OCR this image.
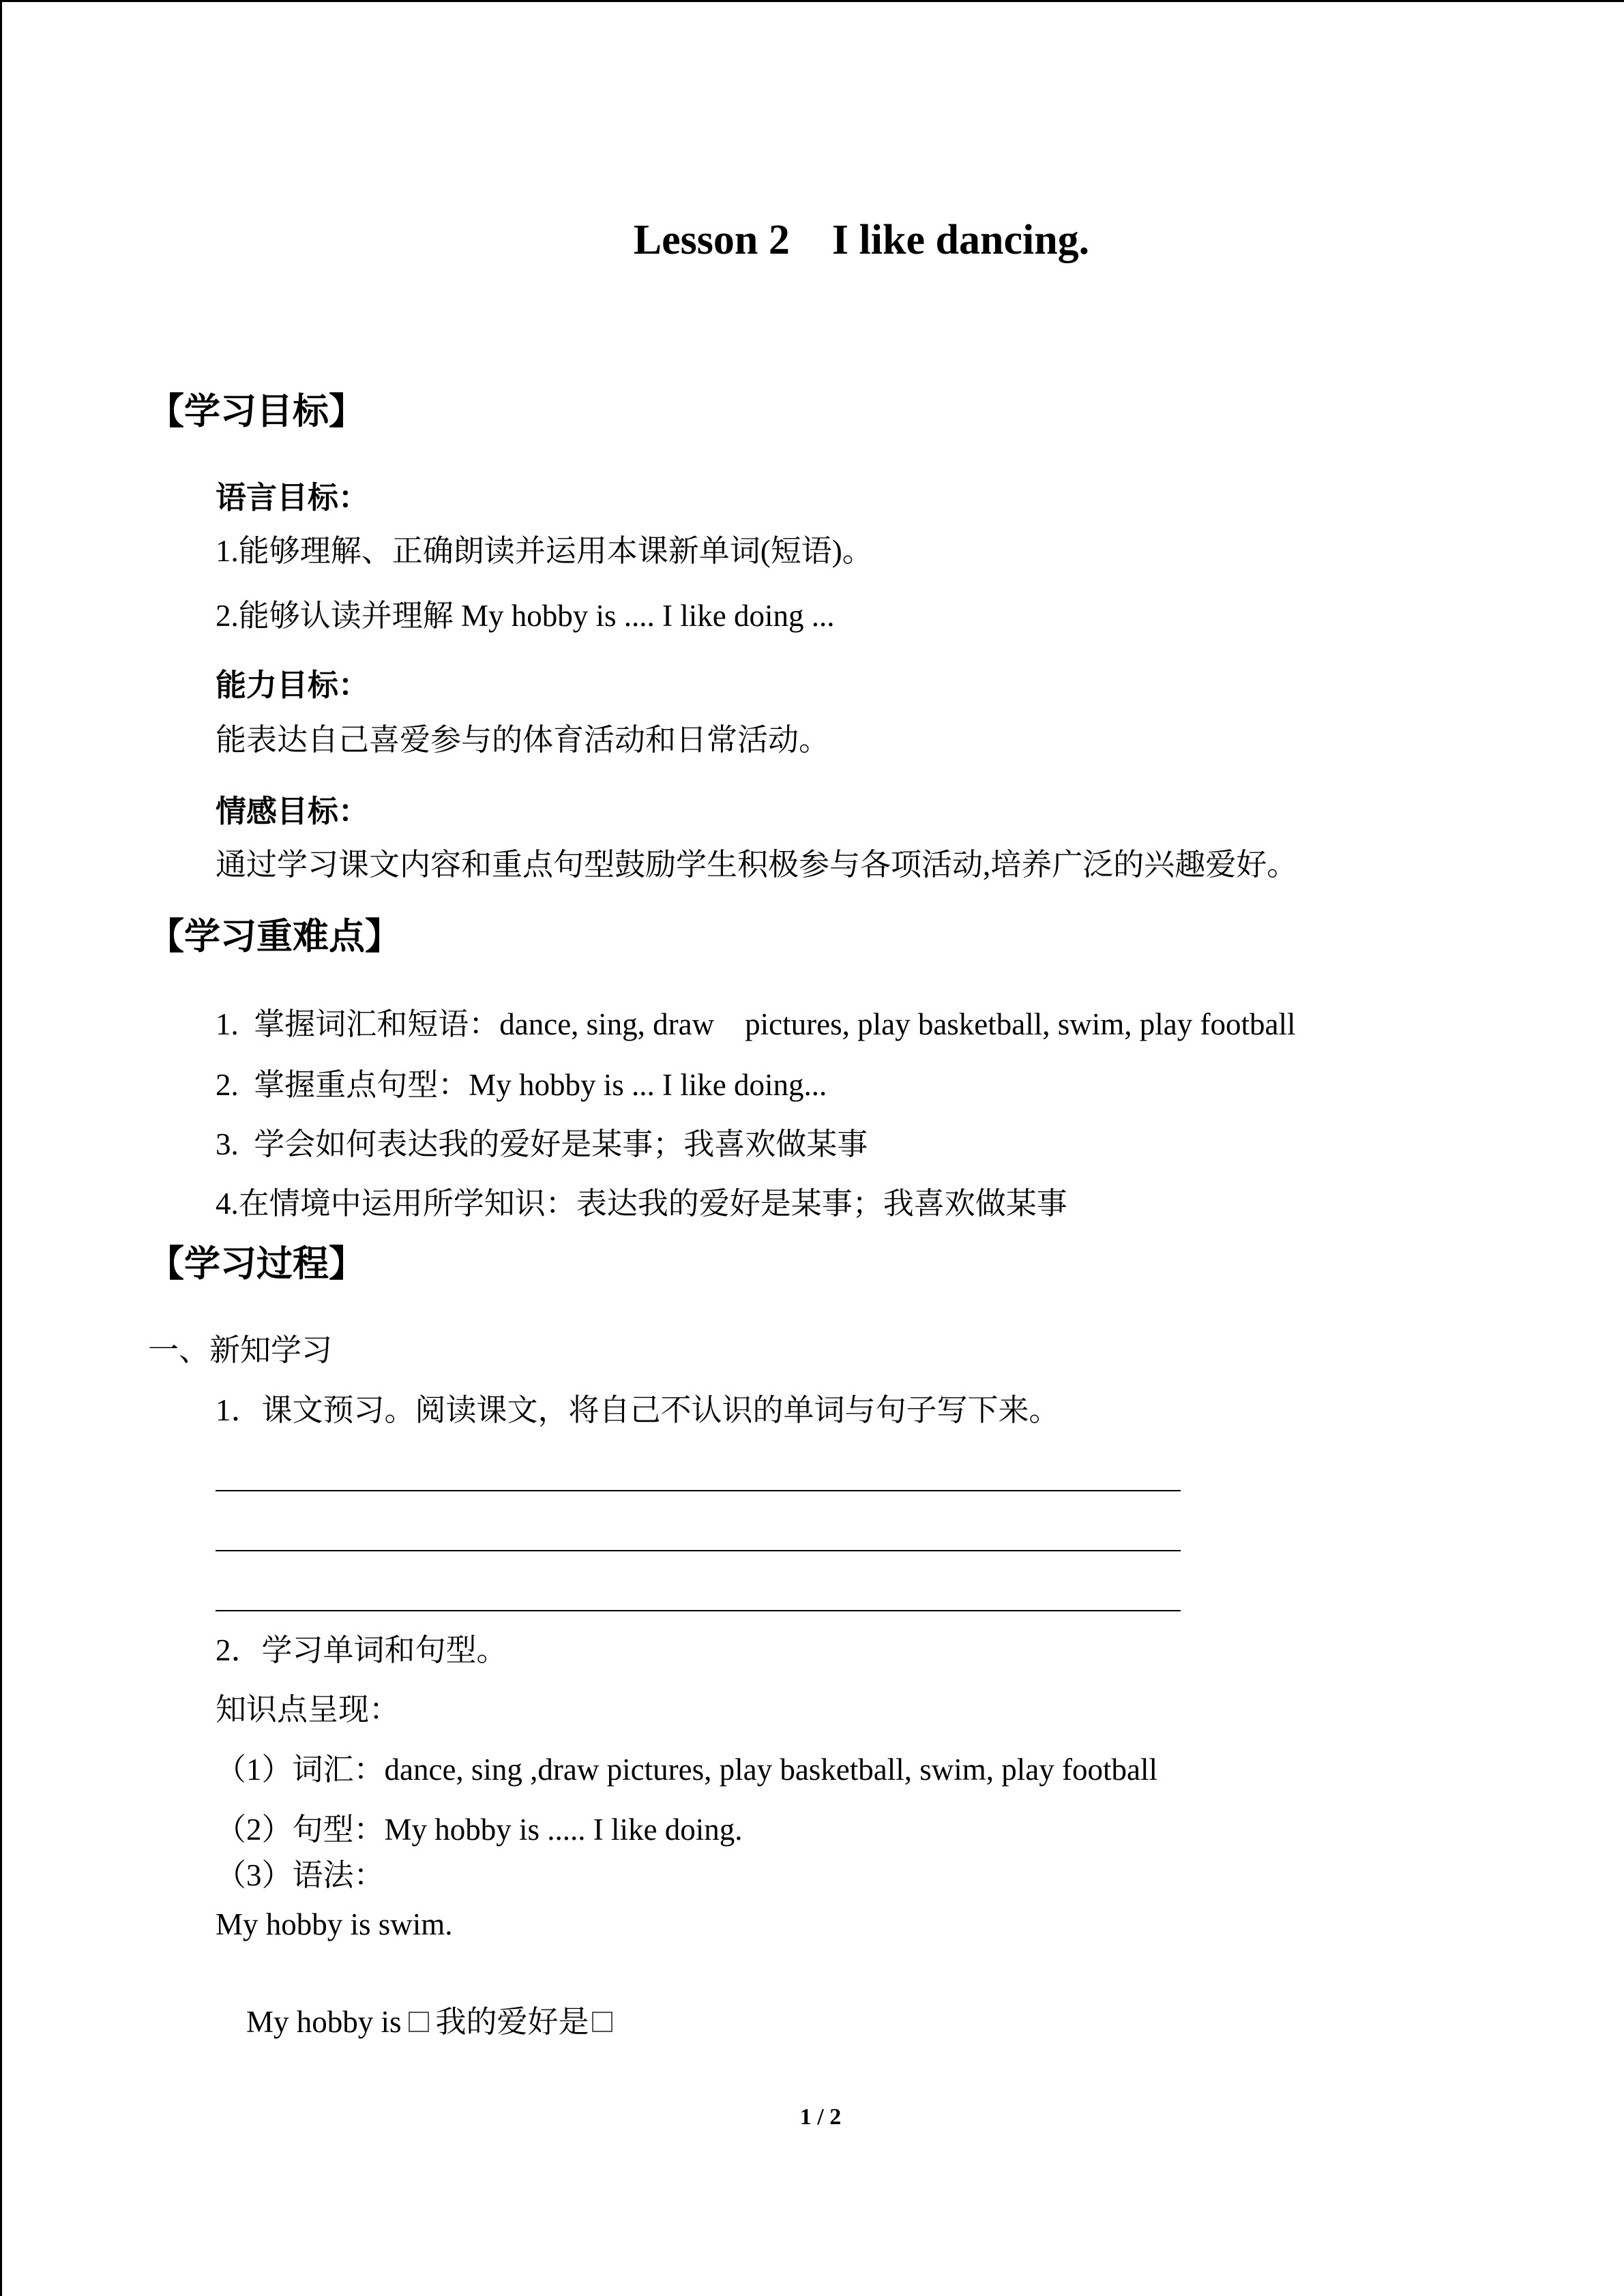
Lesson 2    I like dancing.
【学习目标】
语言目标：
1.能够理解、正确朗读并运用本课新单词(短语)。
2.能够认读并理解 My hobby is .... I like doing ...
能力目标：
能表达自己喜爱参与的体育活动和日常活动。
情感目标：
通过学习课文内容和重点句型鼓励学生积极参与各项活动,培养广泛的兴趣爱好。
【学习重难点】
1.  掌握词汇和短语：dance, sing, draw    pictures, play basketball, swim, play football
2.  掌握重点句型：My hobby is ... I like doing...
3.  学会如何表达我的爱好是某事；我喜欢做某事
4.在情境中运用所学知识：表达我的爱好是某事；我喜欢做某事
【学习过程】
一、新知学习
1．课文预习。阅读课文，将自己不认识的单词与句子写下来。
2．学习单词和句型。
知识点呈现：
（1）词汇：dance, sing ,draw pictures, play basketball, swim, play football
（2）句型：My hobby is ..... I like doing.
（3）语法：
My hobby is swim.

My hobby is 我的爱好是

1 / 2
